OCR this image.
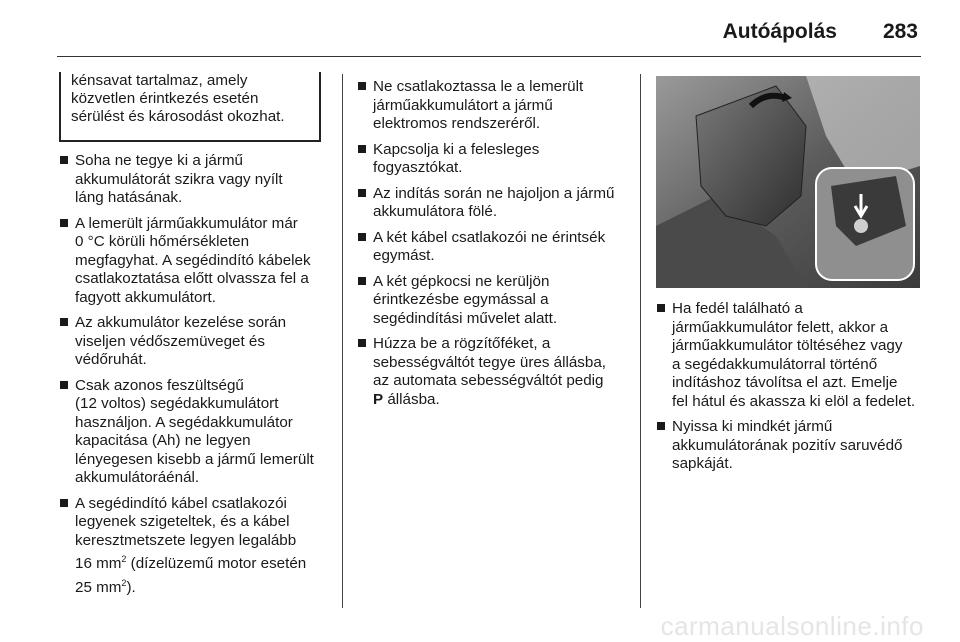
Autóápolás 283
kénsavat tartalmaz, amely
közvetlen érintkezés esetén
sérülést és károsodást okozhat.
Soha ne tegye ki a jármű
akkumulátorát szikra vagy nyílt
láng hatásának.
A lemerült járműakkumulátor már
0 °C körüli hőmérsékleten
megfagyhat. A segédindító kábelek
csatlakoztatása előtt olvassza fel a
fagyott akkumulátort.
Az akkumulátor kezelése során
viseljen védőszemüveget és
védőruhát.
Csak azonos feszültségű
(12 voltos) segédakkumulátort
használjon. A segédakkumulátor
kapacitása (Ah) ne legyen
lényegesen kisebb a jármű lemerült
akkumulátoráénál.
A segédindító kábel csatlakozói
legyenek szigeteltek, és a kábel
keresztmetszete legyen legalább
16 $mm^2$ (dízelüzemű motor esetén
25 $mm^2$).
Ne csatlakoztassa le a lemerült
járműakkumulátort a jármű
elektromos rendszeréről.
Kapcsolja ki a felesleges
fogyasztókat.
Az indítás során ne hajoljon a jármű
akkumulátora fölé.
A két kábel csatlakozói ne érintsék
egymást.
A két gépkocsi ne kerüljön
érintkezésbe egymással a
segédindítási művelet alatt.
Húzza be a rögzítőféket, a
sebességváltót tegye üres állásba,
az automata sebességváltót pedig
P állásba.
Ha fedél található a
járműakkumulátor felett, akkor a
járműakkumulátor töltéséhez vagy
a segédakkumulátorral történő
indításhoz távolítsa el azt. Emelje
fel hátul és akassza ki elöl a fedelet.
Nyissa ki mindkét jármű
akkumulátorának pozitív saruvédő
sapkáját.
carmanualsonline.info
